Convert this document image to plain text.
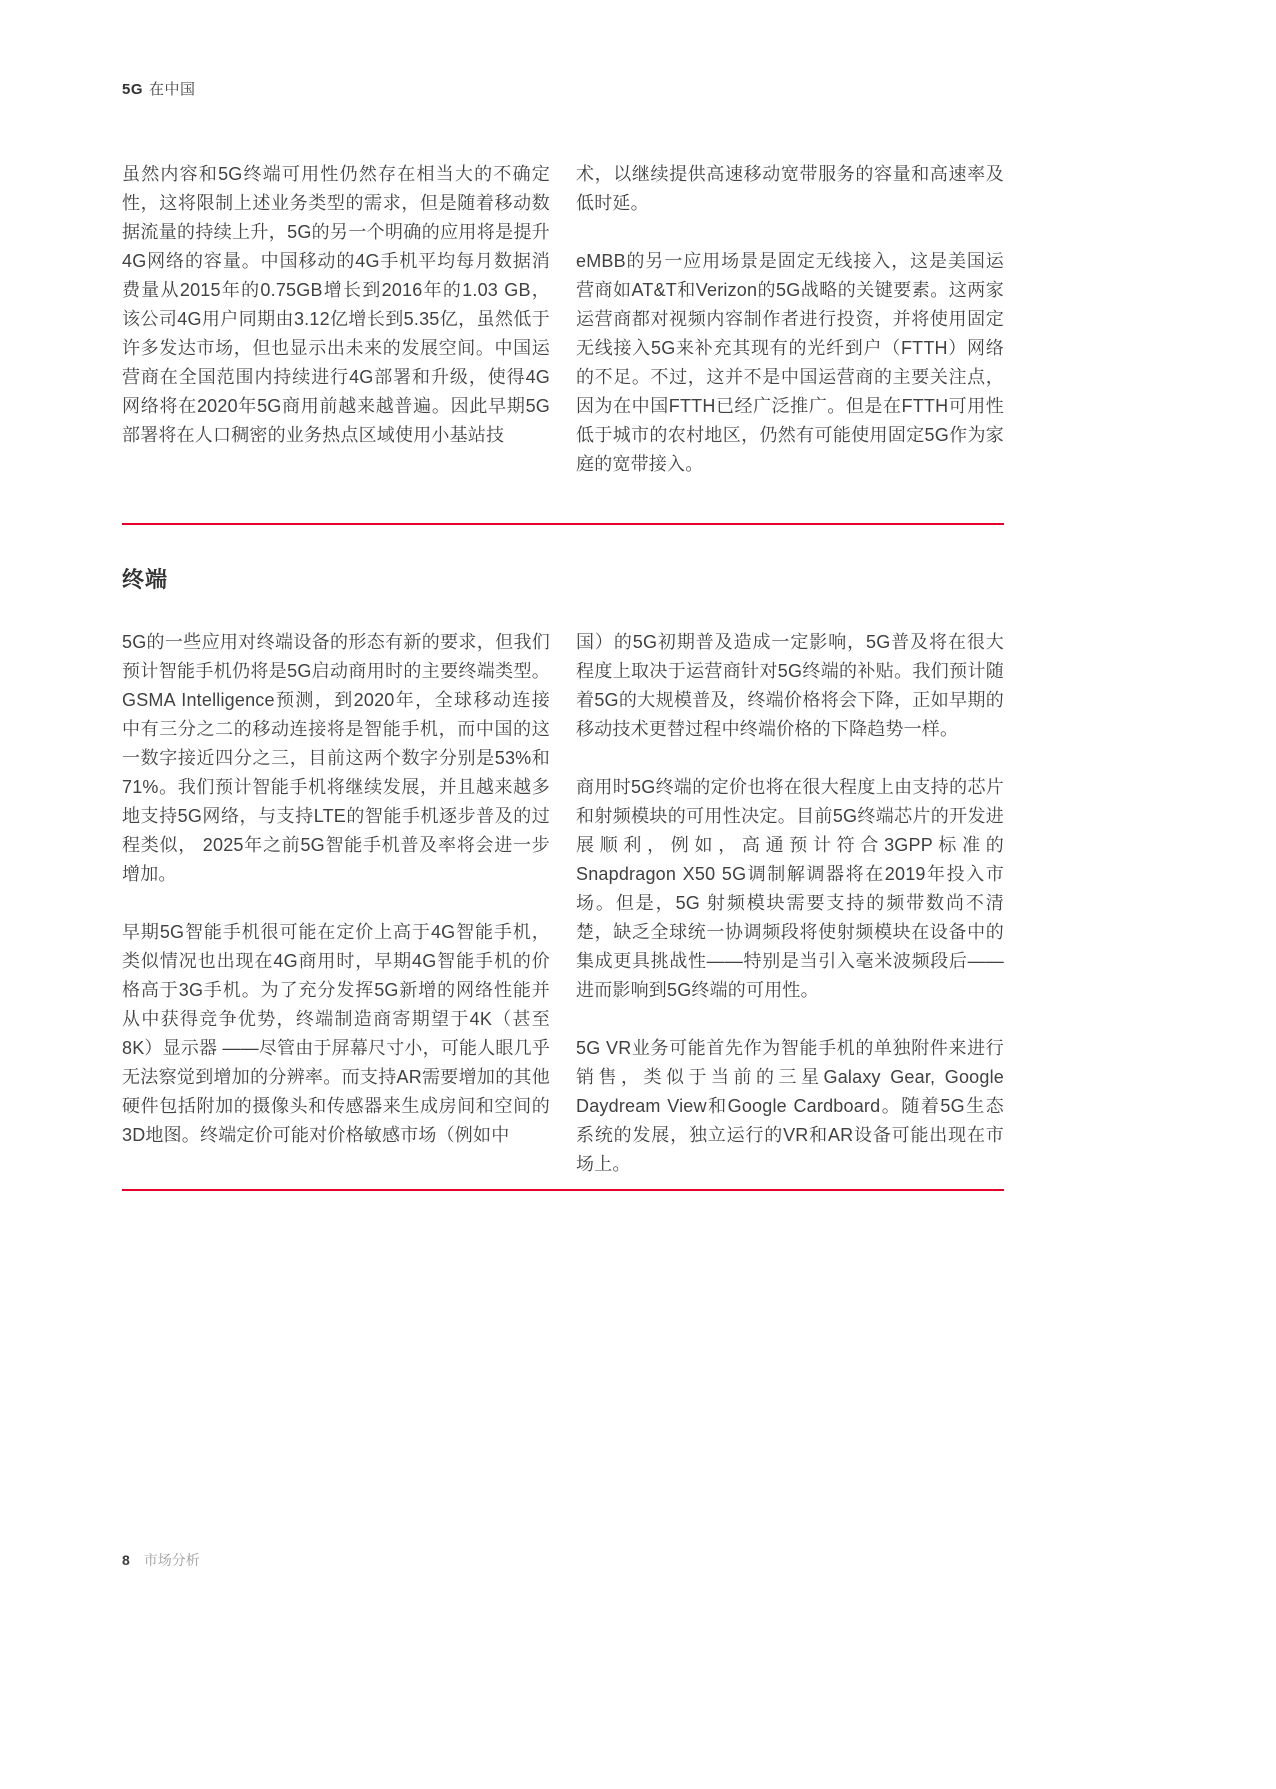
5G 在中国

虽然内容和5G终端可用性仍然存在相当大的不确定性，这将限制上述业务类型的需求，但是随着移动数据流量的持续上升，5G的另一个明确的应用将是提升4G网络的容量。中国移动的4G手机平均每月数据消费量从2015年的0.75GB增长到2016年的1.03 GB，该公司4G用户同期由3.12亿增长到5.35亿，虽然低于许多发达市场，但也显示出未来的发展空间。中国运营商在全国范围内持续进行4G部署和升级，使得4G网络将在2020年5G商用前越来越普遍。因此早期5G部署将在人口稠密的业务热点区域使用小基站技

术，以继续提供高速移动宽带服务的容量和高速率及低时延。

eMBB的另一应用场景是固定无线接入，这是美国运营商如AT&T和Verizon的5G战略的关键要素。这两家运营商都对视频内容制作者进行投资，并将使用固定无线接入5G来补充其现有的光纤到户（FTTH）网络的不足。不过，这并不是中国运营商的主要关注点，因为在中国FTTH已经广泛推广。但是在FTTH可用性低于城市的农村地区，仍然有可能使用固定5G作为家庭的宽带接入。

终端

5G的一些应用对终端设备的形态有新的要求，但我们预计智能手机仍将是5G启动商用时的主要终端类型。GSMA Intelligence预测，到2020年，全球移动连接中有三分之二的移动连接将是智能手机，而中国的这一数字接近四分之三，目前这两个数字分别是53%和71%。我们预计智能手机将继续发展，并且越来越多地支持5G网络，与支持LTE的智能手机逐步普及的过程类似， 2025年之前5G智能手机普及率将会进一步增加。

早期5G智能手机很可能在定价上高于4G智能手机，类似情况也出现在4G商用时，早期4G智能手机的价格高于3G手机。为了充分发挥5G新增的网络性能并从中获得竞争优势，终端制造商寄期望于4K（甚至8K）显示器 ——尽管由于屏幕尺寸小，可能人眼几乎无法察觉到增加的分辨率。而支持AR需要增加的其他硬件包括附加的摄像头和传感器来生成房间和空间的3D地图。终端定价可能对价格敏感市场（例如中

国）的5G初期普及造成一定影响，5G普及将在很大程度上取决于运营商针对5G终端的补贴。我们预计随着5G的大规模普及，终端价格将会下降，正如早期的移动技术更替过程中终端价格的下降趋势一样。

商用时5G终端的定价也将在很大程度上由支持的芯片和射频模块的可用性决定。目前5G终端芯片的开发进展顺利，例如，高通预计符合3GPP标准的Snapdragon X50 5G调制解调器将在2019年投入市场。但是，5G 射频模块需要支持的频带数尚不清楚，缺乏全球统一协调频段将使射频模块在设备中的集成更具挑战性——特别是当引入毫米波频段后——进而影响到5G终端的可用性。

5G VR业务可能首先作为智能手机的单独附件来进行销售，类似于当前的三星Galaxy Gear, Google Daydream View和Google Cardboard。随着5G生态系统的发展，独立运行的VR和AR设备可能出现在市场上。

8 市场分析
